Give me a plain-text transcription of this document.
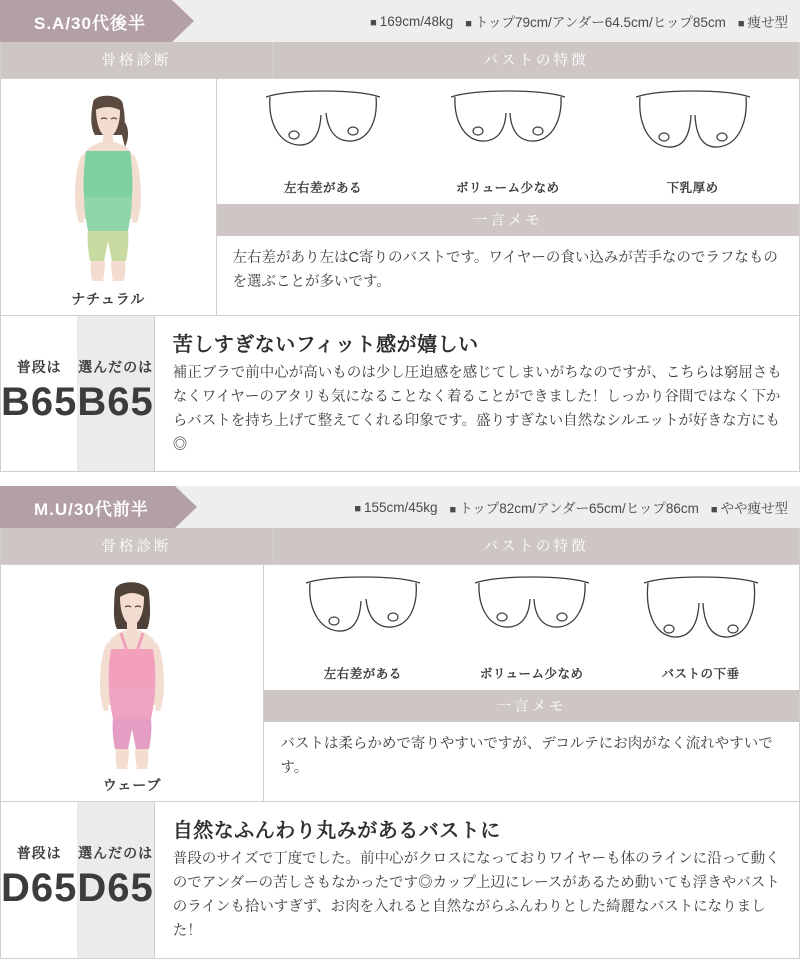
S.A/30代後半	■ 169cm/48kg	■ トップ79cm/アンダー64.5cm/ヒップ85cm	■ 痩せ型
骨格診断	バストの特徴
ナチュラル
左右差がある	ボリューム少なめ	下乳厚め
一言メモ
左右差があり左はC寄りのバストです。ワイヤーの食い込みが苦手なのでラフなものを選ぶことが多いです。
普段は
B65
選んだのは
B65
苦しすぎないフィット感が嬉しい
補正ブラで前中心が高いものは少し圧迫感を感じてしまいがちなのですが、こちらは窮屈さもなくワイヤーのアタリも気になることなく着ることができました！しっかり谷間ではなく下からバストを持ち上げて整えてくれる印象です。盛りすぎない自然なシルエットが好きな方にも◎
M.U/30代前半	■ 155cm/45kg	■ トップ82cm/アンダー65cm/ヒップ86cm	■ やや痩せ型
骨格診断	バストの特徴
ウェーブ
左右差がある	ボリューム少なめ	バストの下垂
一言メモ
バストは柔らかめで寄りやすいですが、デコルテにお肉がなく流れやすいです。
普段は
D65
選んだのは
D65
自然なふんわり丸みがあるバストに
普段のサイズで丁度でした。前中心がクロスになっておりワイヤーも体のラインに沿って動くのでアンダーの苦しさもなかったです◎カップ上辺にレースがあるため動いても浮きやバストのラインも拾いすぎず、お肉を入れると自然ながらふんわりとした綺麗なバストになりました！
